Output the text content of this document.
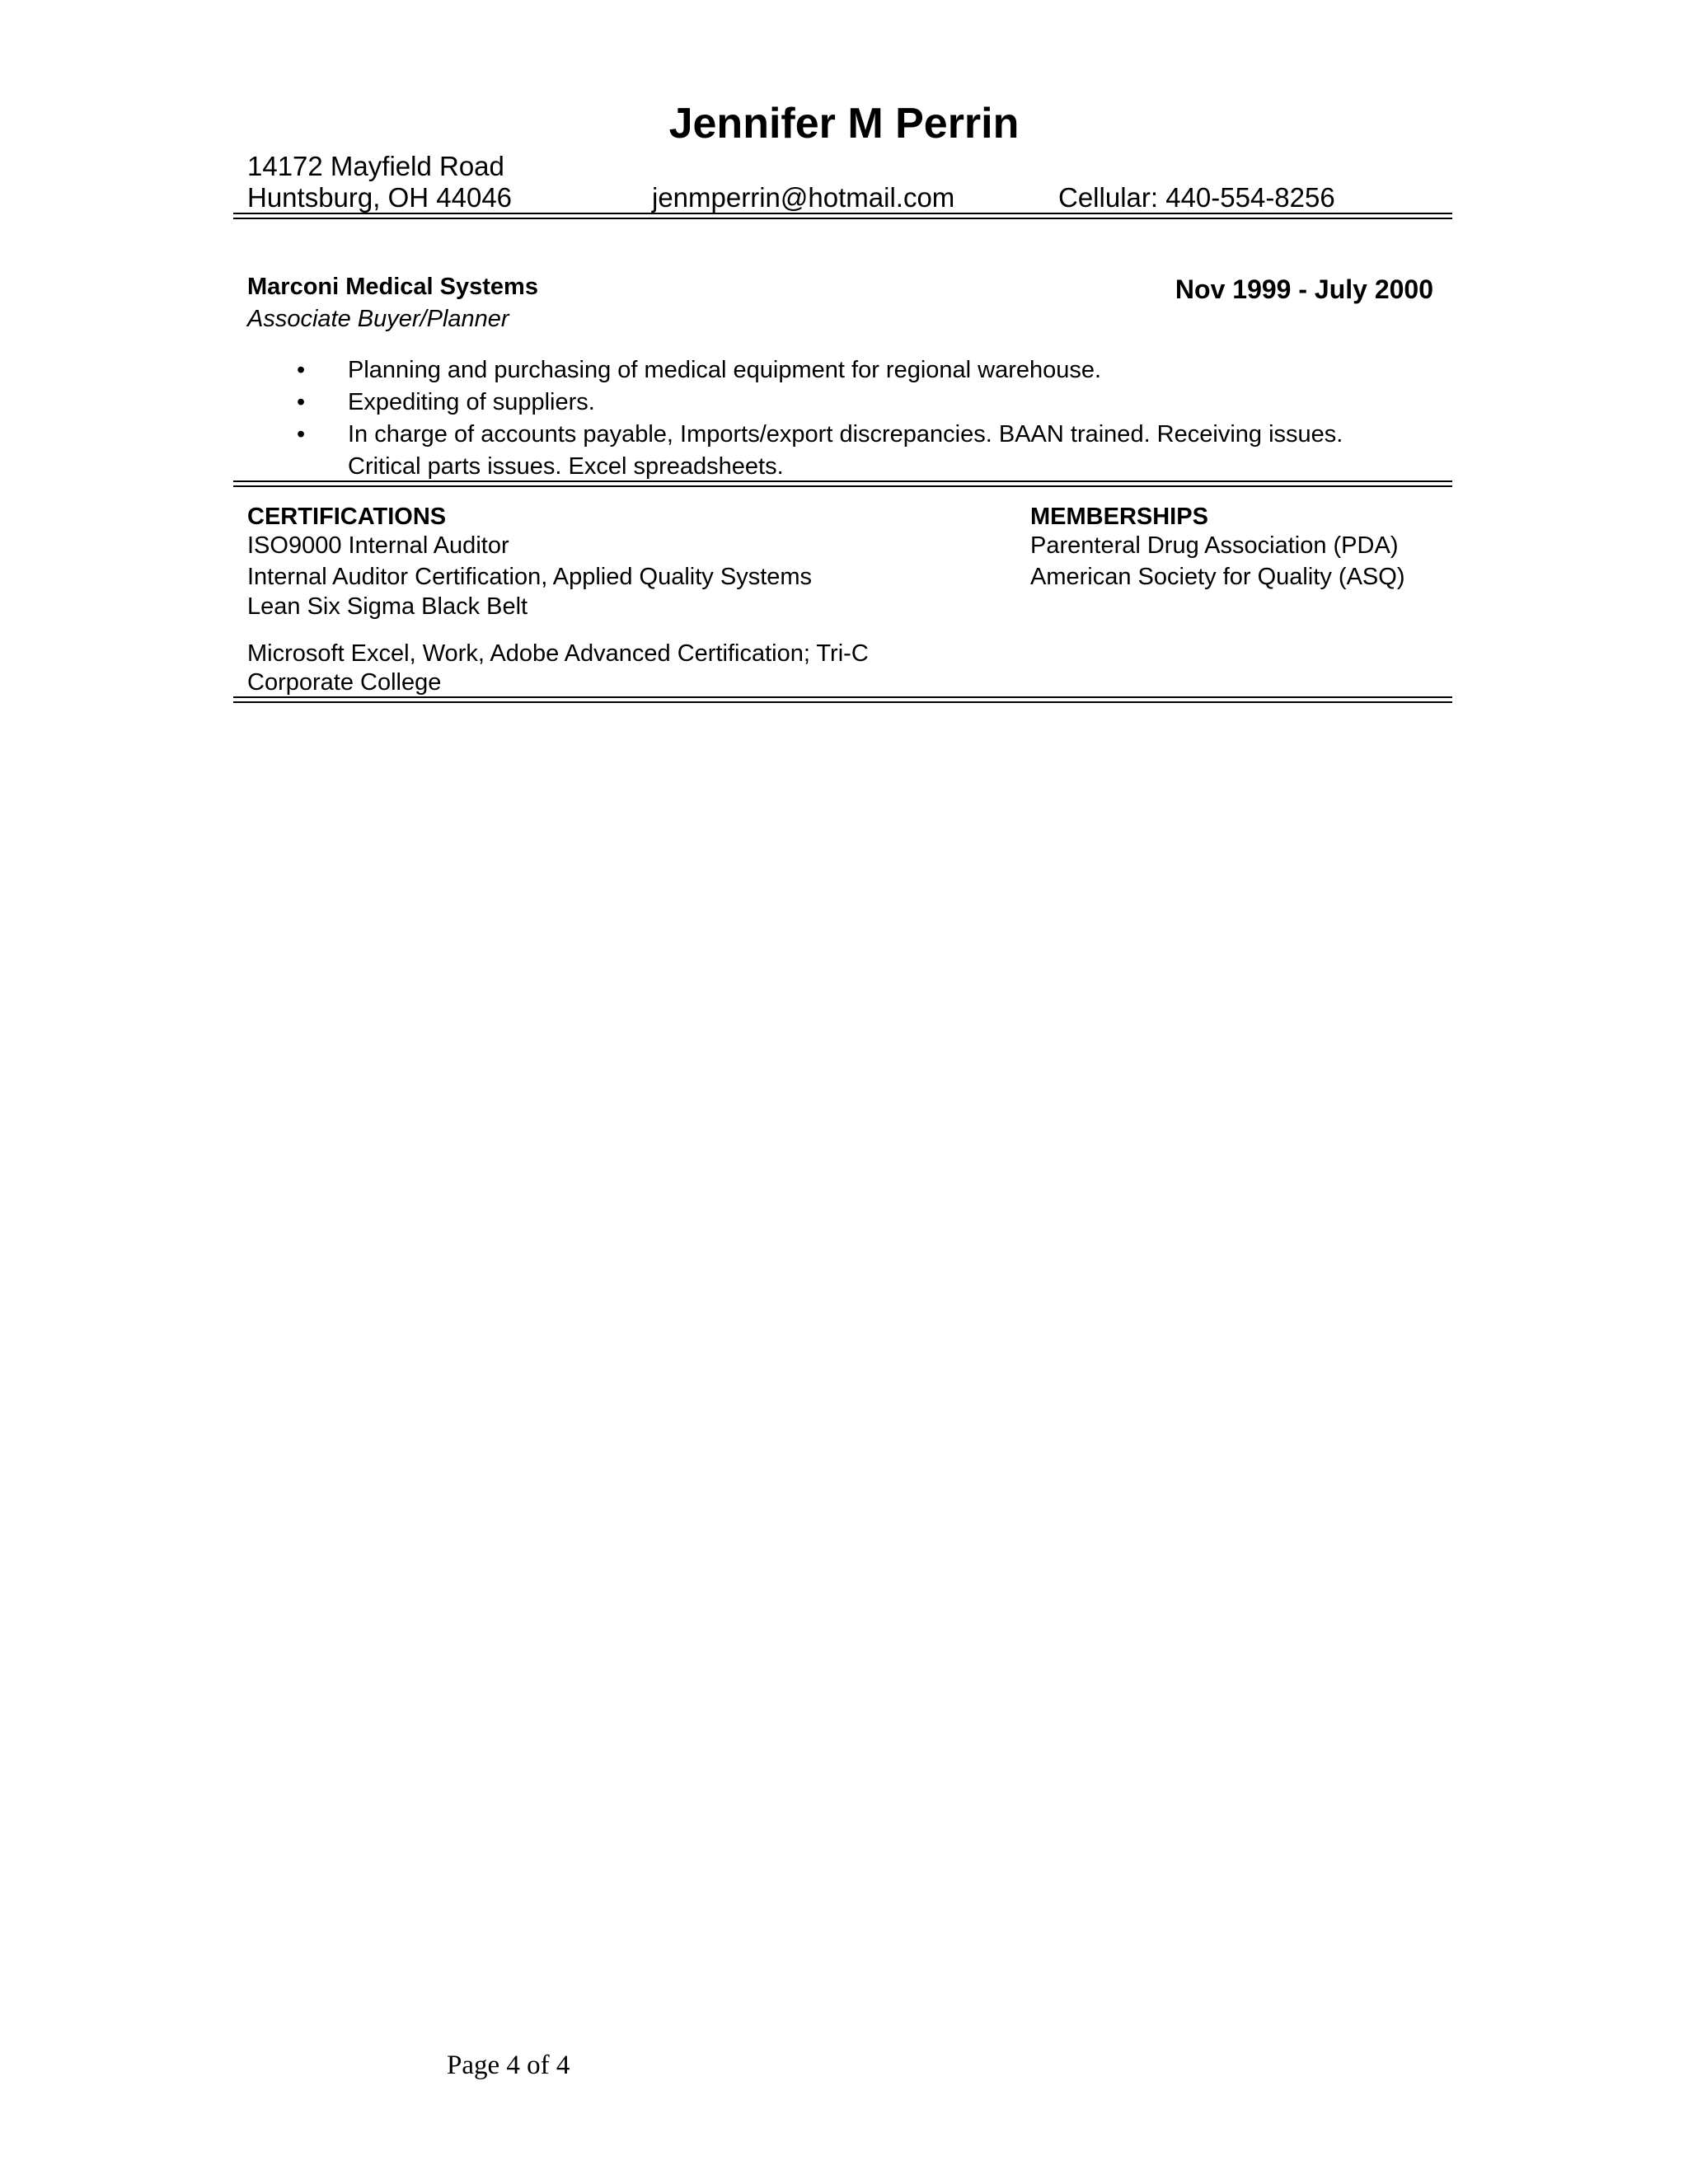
Jennifer M Perrin
14172 Mayfield Road
Huntsburg, OH 44046	jenmperrin@hotmail.com	Cellular: 440-554-8256
Marconi Medical Systems
Associate Buyer/Planner
Nov 1999 - July 2000
• Planning and purchasing of medical equipment for regional warehouse.
• Expediting of suppliers.
• In charge of accounts payable, Imports/export discrepancies. BAAN trained. Receiving issues.
Critical parts issues. Excel spreadsheets.
CERTIFICATIONS
ISO9000 Internal Auditor
Internal Auditor Certification, Applied Quality Systems
Lean Six Sigma Black Belt
Microsoft Excel, Work, Adobe Advanced Certification; Tri-C
Corporate College
MEMBERSHIPS
Parenteral Drug Association (PDA)
American Society for Quality (ASQ)
Page 4 of 4
